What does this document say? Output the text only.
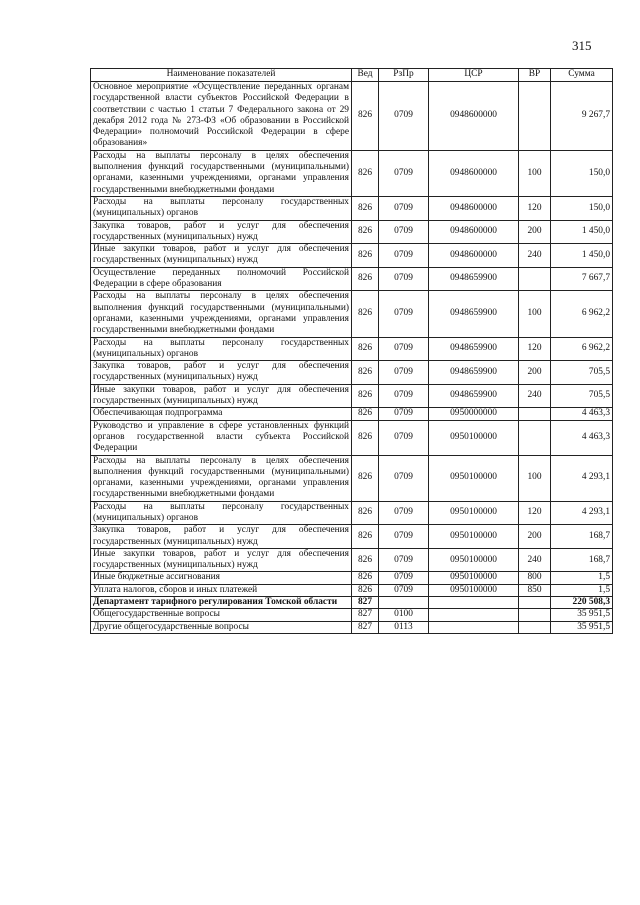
315
Наименование показателей	Вед	РзПр	ЦСР	ВР	Сумма
Основное мероприятие «Осуществление переданных органам государственной власти субъектов Российской Федерации в соответствии с частью 1 статьи 7 Федерального закона от 29 декабря 2012 года № 273-ФЗ «Об образовании в Российской Федерации» полномочий Российской Федерации в сфере образования»	826	0709	0948600000		9 267,7
Расходы на выплаты персоналу в целях обеспечения выполнения функций государственными (муниципальными) органами, казенными учреждениями, органами управления государственными внебюджетными фондами	826	0709	0948600000	100	150,0
Расходы на выплаты персоналу государственных (муниципальных) органов	826	0709	0948600000	120	150,0
Закупка товаров, работ и услуг для обеспечения государственных (муниципальных) нужд	826	0709	0948600000	200	1 450,0
Иные закупки товаров, работ и услуг для обеспечения государственных (муниципальных) нужд	826	0709	0948600000	240	1 450,0
Осуществление переданных полномочий Российской Федерации в сфере образования	826	0709	0948659900		7 667,7
Расходы на выплаты персоналу в целях обеспечения выполнения функций государственными (муниципальными) органами, казенными учреждениями, органами управления государственными внебюджетными фондами	826	0709	0948659900	100	6 962,2
Расходы на выплаты персоналу государственных (муниципальных) органов	826	0709	0948659900	120	6 962,2
Закупка товаров, работ и услуг для обеспечения государственных (муниципальных) нужд	826	0709	0948659900	200	705,5
Иные закупки товаров, работ и услуг для обеспечения государственных (муниципальных) нужд	826	0709	0948659900	240	705,5
Обеспечивающая подпрограмма	826	0709	0950000000		4 463,3
Руководство и управление в сфере установленных функций органов государственной власти субъекта Российской Федерации	826	0709	0950100000		4 463,3
Расходы на выплаты персоналу в целях обеспечения выполнения функций государственными (муниципальными) органами, казенными учреждениями, органами управления государственными внебюджетными фондами	826	0709	0950100000	100	4 293,1
Расходы на выплаты персоналу государственных (муниципальных) органов	826	0709	0950100000	120	4 293,1
Закупка товаров, работ и услуг для обеспечения государственных (муниципальных) нужд	826	0709	0950100000	200	168,7
Иные закупки товаров, работ и услуг для обеспечения государственных (муниципальных) нужд	826	0709	0950100000	240	168,7
Иные бюджетные ассигнования	826	0709	0950100000	800	1,5
Уплата налогов, сборов и иных платежей	826	0709	0950100000	850	1,5
Департамент тарифного регулирования Томской области	827				220 508,3
Общегосударственные вопросы	827	0100			35 951,5
Другие общегосударственные вопросы	827	0113			35 951,5
